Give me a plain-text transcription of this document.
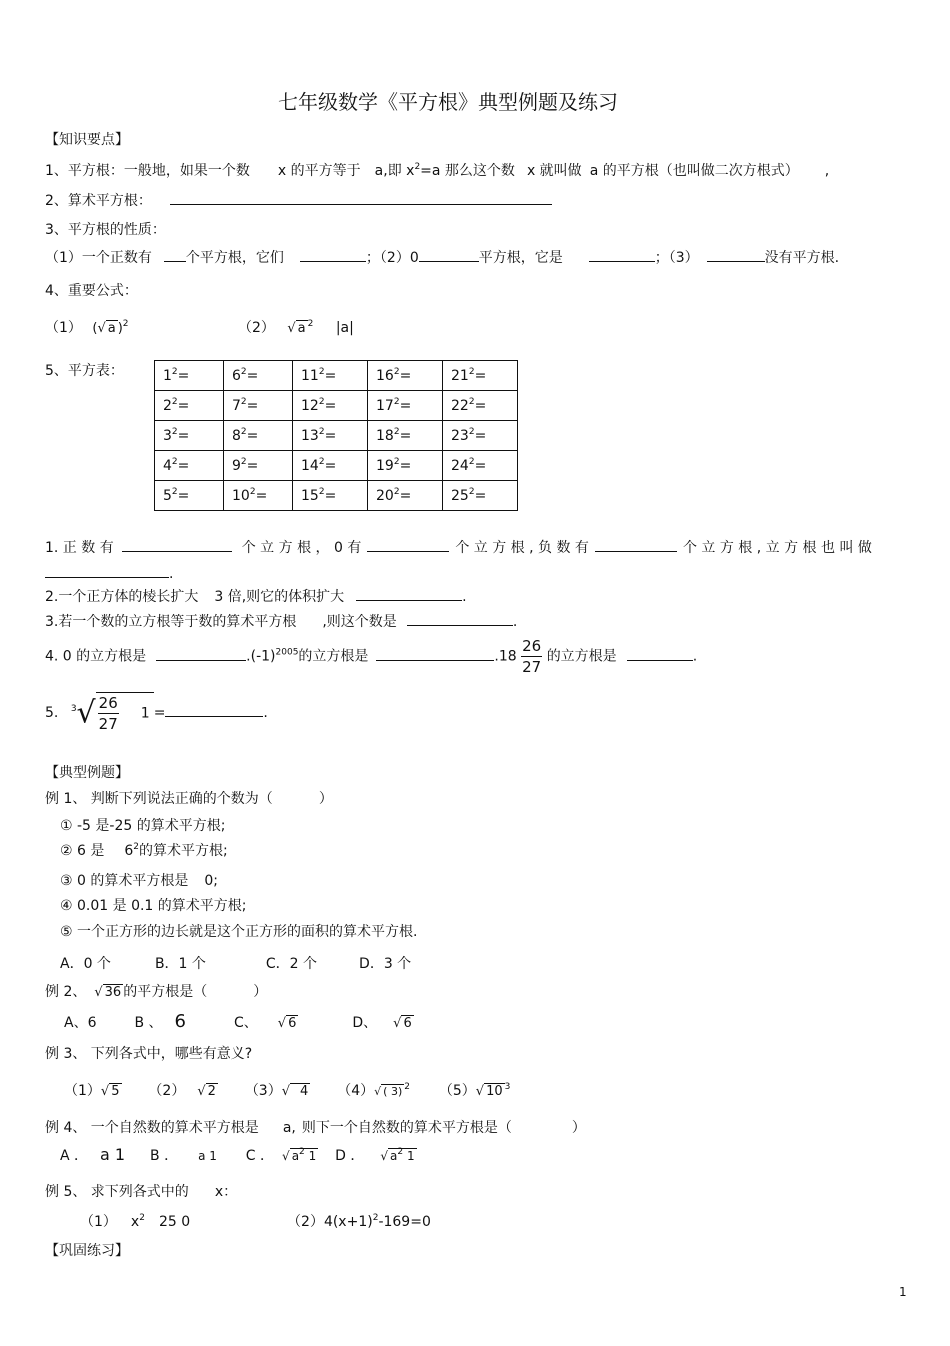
七年级数学《平方根》典型例题及练习
【知识要点】
1、平方根：一般地，如果一个数 x 的平方等于 a,即 $x^2=a$ 那么这个数 x 就叫做 a 的平方根（也叫做二次方根式） ,
2、算术平方根：
3、平方根的性质：
（1）一个正数有 个平方根，它们	；（2）0	平方根，它是	；（3）	没有平方根.
4、重要公式：
（1） (√ a )$^2$	（2） √ a $^2$ |a|
5、平方表：	$1^2=$	$6^2=$	$11^2=$	$16^2=$	$21^2=$
$2^2=$	$7^2=$	$12^2=$	$17^2=$	$22^2=$
$3^2=$	$8^2=$	$13^2=$	$18^2=$	$23^2=$
$4^2=$	$9^2=$	$14^2=$	$19^2=$	$24^2=$
$5^2=$	$10^2=$	$15^2=$	$20^2=$	$25^2=$
1. 正 数 有	个 立 方 根 ， 0 有	个 立 方 根 , 负 数 有	个 立 方 根 , 立 方 根 也 叫 做
.
2.一个正方体的棱长扩大 3 倍,则它的体积扩大	.
3.若一个数的立方根等于数的算术平方根 ,则这个数是	.
4. 0 的立方根是	$.(-1)^{2005}$的立方根是	$.18 \frac{26}{27}$ 的立方根是	.
5. $^3√ \frac{26}{27} 1$ =	.
【典型例题】
例 1、 判断下列说法正确的个数为（	）
① -5 是-25 的算术平方根;
② 6 是 $6^2$的算术平方根;
③ 0 的算术平方根是 0;
④ 0.01 是 0.1 的算术平方根;
⑤ 一个正方形的边长就是这个正方形的面积的算术平方根.
A．0 个	B．1 个	C．2 个	D．3 个
例 2、 √ 36 的平方根是（	）
A、6	B 、 6	C、 √ 6	D、 √ 6
例 3、 下列各式中，哪些有意义?
（1）√ 5 （2） √ 2 （3）√ 4 （4）√ ( 3) $^2$ （5）√ 10 $^3$
例 4、 一个自然数的算术平方根是 a, 则下一个自然数的算术平方根是（	）
A ． a 1 B ． a 1 C ． √ $a^2$ 1 D ． √ $a^2$ 1
例 5、 求下列各式中的 x：
（1） $x^2$ 25 0	$(2)4(x+1)^2-169=0$
【巩固练习】
1
